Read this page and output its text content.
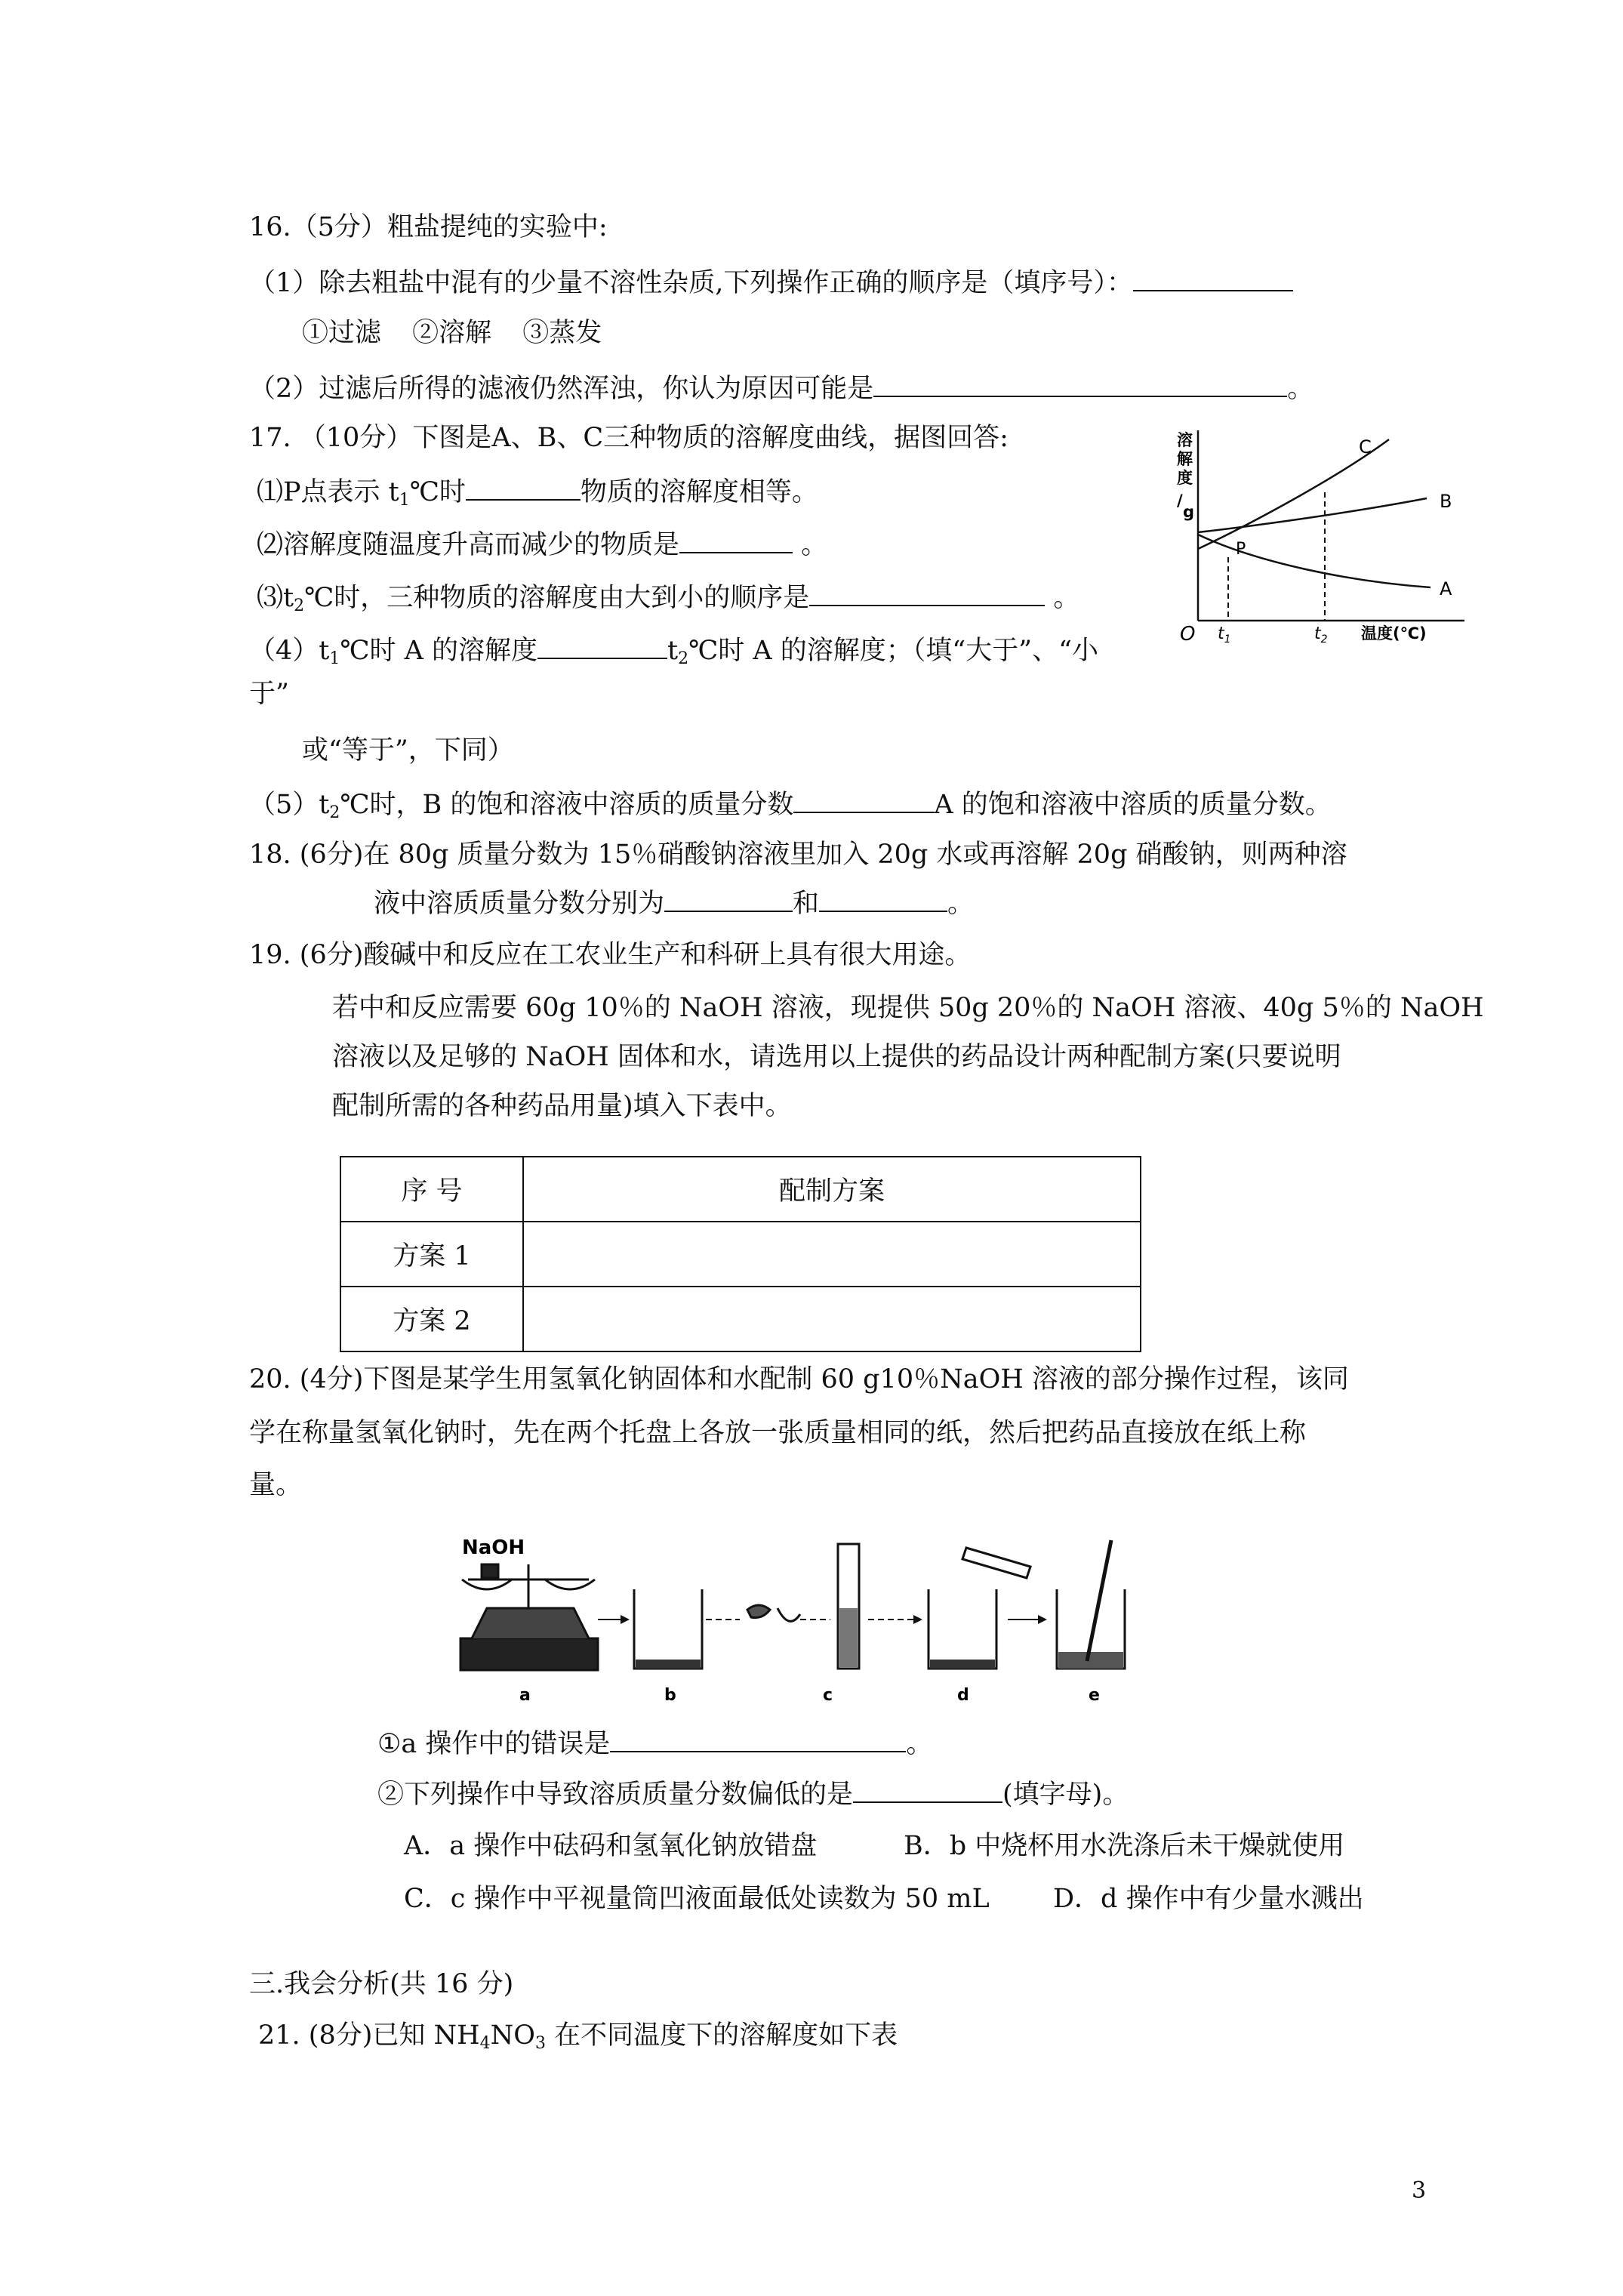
16.（5分）粗盐提纯的实验中:
（1）除去粗盐中混有的少量不溶性杂质,下列操作正确的顺序是（填序号）：
①过滤 ②溶解 ③蒸发
（2）过滤后所得的滤液仍然浑浊，你认为原因可能是	。
17. （10分）下图是A、B、C三种物质的溶解度曲线，据图回答:
⑴P点表示 $t_1℃$时	物质的溶解度相等。
⑵溶解度随温度升高而减少的物质是	。
$⑶t_2℃$时，三种物质的溶解度由大到小的顺序是	。
$(4)t_1℃$时 A 的溶解度	$t_2℃$时 A 的溶解度；（填“大于”、“小
于”
或“等于”，下同）
$(5)t_2℃$时，B 的饱和溶液中溶质的质量分数	A 的饱和溶液中溶质的质量分数。
溶
解
度
/
g
C
B
A
P
O $t_1$	$t_2$ 温度(℃)
18. (6分)在 80g 质量分数为 15％硝酸钠溶液里加入 20g 水或再溶解 20g 硝酸钠，则两种溶
液中溶质质量分数分别为	和	。
19. (6分)酸碱中和反应在工农业生产和科研上具有很大用途。
若中和反应需要 60g 10％的 NaOH 溶液，现提供 50g 20％的 NaOH 溶液、40g 5％的 NaOH
溶液以及足够的 NaOH 固体和水，请选用以上提供的药品设计两种配制方案(只要说明
配制所需的各种药品用量)填入下表中。
序 号	配制方案
方案 1	
方案 2	
20. (4分)下图是某学生用氢氧化钠固体和水配制 60 g10％NaOH 溶液的部分操作过程，该同
学在称量氢氧化钠时，先在两个托盘上各放一张质量相同的纸，然后把药品直接放在纸上称
量。
NaOH
a	b	c	d	e
①a 操作中的错误是	。
②下列操作中导致溶质质量分数偏低的是	(填字母)。
A．a 操作中砝码和氢氧化钠放错盘	B．b 中烧杯用水洗涤后未干燥就使用
C．c 操作中平视量筒凹液面最低处读数为 50 mL D．d 操作中有少量水溅出
三.我会分析(共 16 分)
21. (8分)已知 $NH_4NO_3$ 在不同温度下的溶解度如下表
3
